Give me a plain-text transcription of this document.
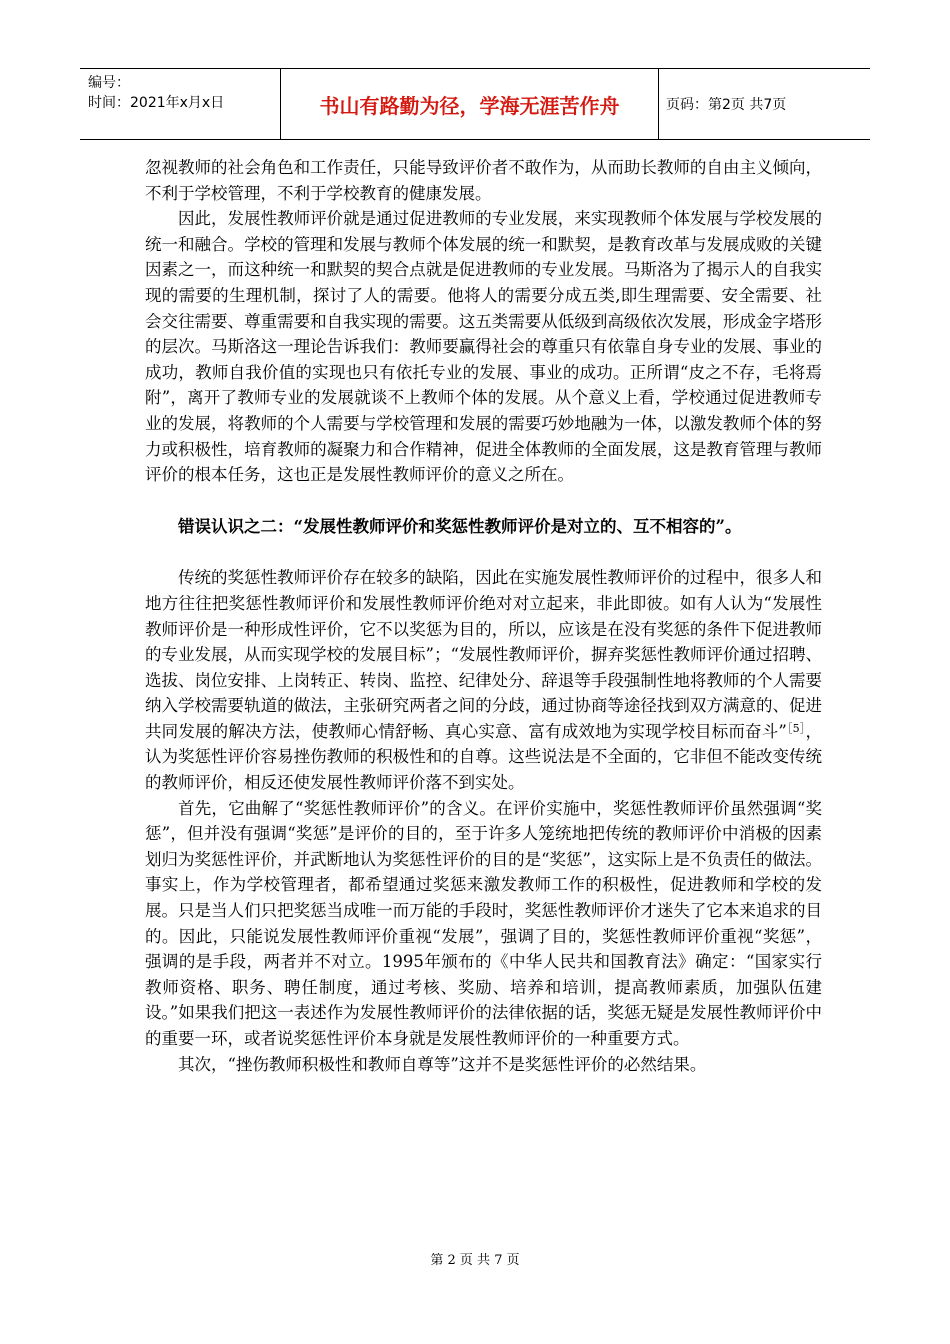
编号：
时间：2021年x月x日	书山有路勤为径，学海无涯苦作舟	页码：第2页 共7页

忽视教师的社会角色和工作责任，只能导致评价者不敢作为，从而助长教师的自由主义倾向，不利于学校管理，不利于学校教育的健康发展。

因此，发展性教师评价就是通过促进教师的专业发展，来实现教师个体发展与学校发展的统一和融合。学校的管理和发展与教师个体发展的统一和默契，是教育改革与发展成败的关键因素之一，而这种统一和默契的契合点就是促进教师的专业发展。马斯洛为了揭示人的自我实现的需要的生理机制，探讨了人的需要。他将人的需要分成五类,即生理需要、安全需要、社会交往需要、尊重需要和自我实现的需要。这五类需要从低级到高级依次发展，形成金字塔形的层次。马斯洛这一理论告诉我们：教师要赢得社会的尊重只有依靠自身专业的发展、事业的成功，教师自我价值的实现也只有依托专业的发展、事业的成功。正所谓“皮之不存，毛将焉附”，离开了教师专业的发展就谈不上教师个体的发展。从个意义上看，学校通过促进教师专业的发展，将教师的个人需要与学校管理和发展的需要巧妙地融为一体，以激发教师个体的努力或积极性，培育教师的凝聚力和合作精神，促进全体教师的全面发展，这是教育管理与教师评价的根本任务，这也正是发展性教师评价的意义之所在。

错误认识之二：“发展性教师评价和奖惩性教师评价是对立的、互不相容的”。

传统的奖惩性教师评价存在较多的缺陷，因此在实施发展性教师评价的过程中，很多人和地方往往把奖惩性教师评价和发展性教师评价绝对对立起来，非此即彼。如有人认为“发展性教师评价是一种形成性评价，它不以奖惩为目的，所以，应该是在没有奖惩的条件下促进教师的专业发展，从而实现学校的发展目标”；“发展性教师评价，摒弃奖惩性教师评价通过招聘、选拔、岗位安排、上岗转正、转岗、监控、纪律处分、辞退等手段强制性地将教师的个人需要纳入学校需要轨道的做法，主张研究两者之间的分歧，通过协商等途径找到双方满意的、促进共同发展的解决方法，使教师心情舒畅、真心实意、富有成效地为实现学校目标而奋斗”$^{[5]}$，认为奖惩性评价容易挫伤教师的积极性和的自尊。这些说法是不全面的，它非但不能改变传统的教师评价，相反还使发展性教师评价落不到实处。

首先，它曲解了“奖惩性教师评价”的含义。在评价实施中，奖惩性教师评价虽然强调“奖惩”，但并没有强调“奖惩”是评价的目的，至于许多人笼统地把传统的教师评价中消极的因素划归为奖惩性评价，并武断地认为奖惩性评价的目的是“奖惩”，这实际上是不负责任的做法。事实上，作为学校管理者，都希望通过奖惩来激发教师工作的积极性，促进教师和学校的发展。只是当人们只把奖惩当成唯一而万能的手段时，奖惩性教师评价才迷失了它本来追求的目的。因此，只能说发展性教师评价重视“发展”，强调了目的，奖惩性教师评价重视“奖惩”，强调的是手段，两者并不对立。1995年颁布的《中华人民共和国教育法》确定：“国家实行教师资格、职务、聘任制度，通过考核、奖励、培养和培训，提高教师素质，加强队伍建设。”如果我们把这一表述作为发展性教师评价的法律依据的话，奖惩无疑是发展性教师评价中的重要一环，或者说奖惩性评价本身就是发展性教师评价的一种重要方式。

其次，“挫伤教师积极性和教师自尊等”这并不是奖惩性评价的必然结果。

第 2 页 共 7 页
